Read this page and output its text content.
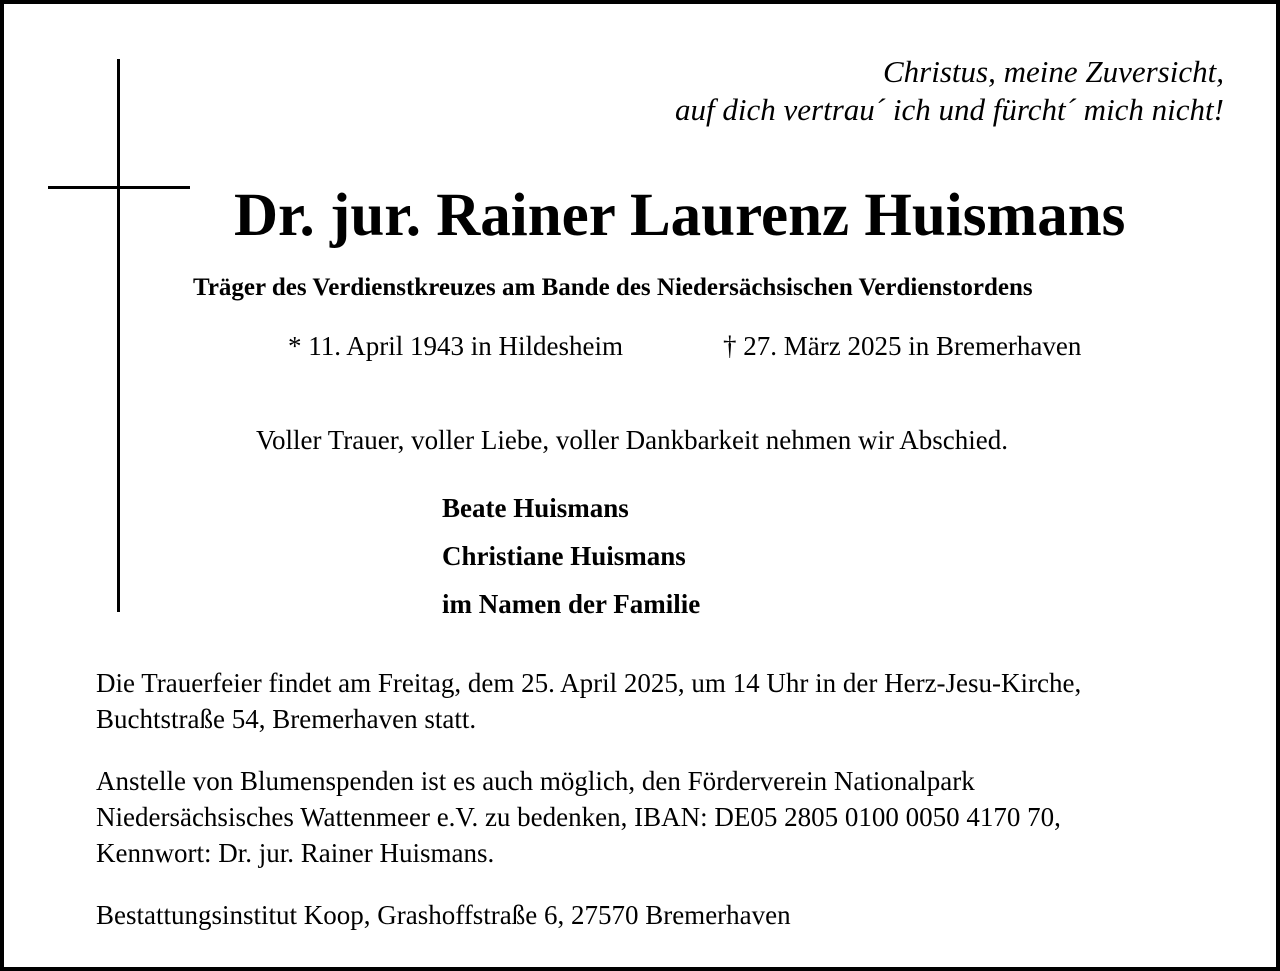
Christus, meine Zuversicht,
auf dich vertrau´ ich und fürcht´ mich nicht!
Dr. jur. Rainer Laurenz Huismans
Träger des Verdienstkreuzes am Bande des Niedersächsischen Verdienstordens
* 11. April 1943 in Hildesheim	† 27. März 2025 in Bremerhaven
Voller Trauer, voller Liebe, voller Dankbarkeit nehmen wir Abschied.
Beate Huismans
Christiane Huismans
im Namen der Familie
Die Trauerfeier findet am Freitag, dem 25. April 2025, um 14 Uhr in der Herz-Jesu-Kirche,
Buchtstraße 54, Bremerhaven statt.
Anstelle von Blumenspenden ist es auch möglich, den Förderverein Nationalpark
Niedersächsisches Wattenmeer e.V. zu bedenken, IBAN: DE05 2805 0100 0050 4170 70,
Kennwort: Dr. jur. Rainer Huismans.
Bestattungsinstitut Koop, Grashoffstraße 6, 27570 Bremerhaven
